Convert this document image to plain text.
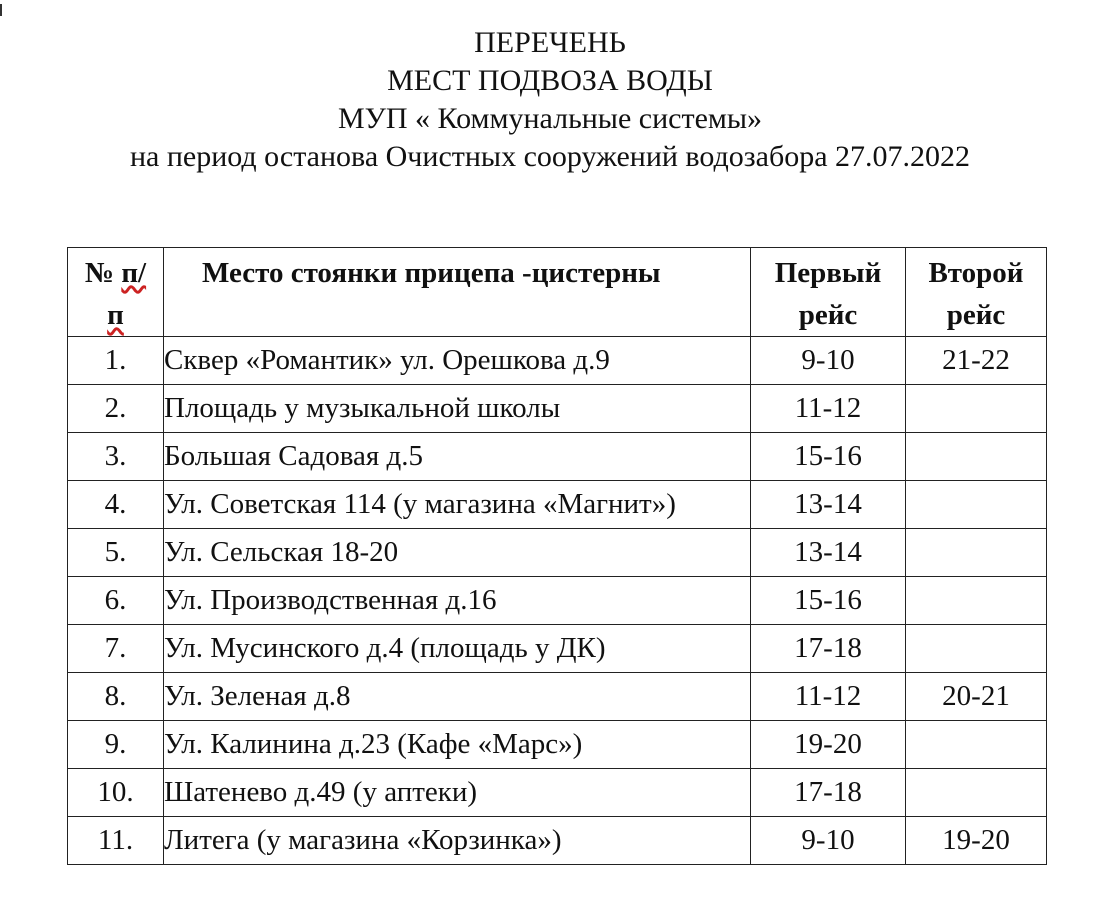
ПЕРЕЧЕНЬ
МЕСТ ПОДВОЗА ВОДЫ
МУП « Коммунальные системы»
на период останова Очистных сооружений водозабора 27.07.2022
№ п/
п	Место стоянки прицепа -цистерны	Первый рейс	Второй рейс
1.	Сквер «Романтик» ул. Орешкова д.9	9-10	21-22
2.	Площадь у музыкальной школы	11-12	
3.	Большая Садовая д.5	15-16	
4.	Ул. Советская 114 (у магазина «Магнит»)	13-14	
5.	Ул. Сельская 18-20	13-14	
6.	Ул. Производственная д.16	15-16	
7.	Ул. Мусинского д.4 (площадь у ДК)	17-18	
8.	Ул. Зеленая д.8	11-12	20-21
9.	Ул. Калинина д.23 (Кафе «Марс»)	19-20	
10.	Шатенево д.49 (у аптеки)	17-18	
11.	Литега (у магазина «Корзинка»)	9-10	19-20
